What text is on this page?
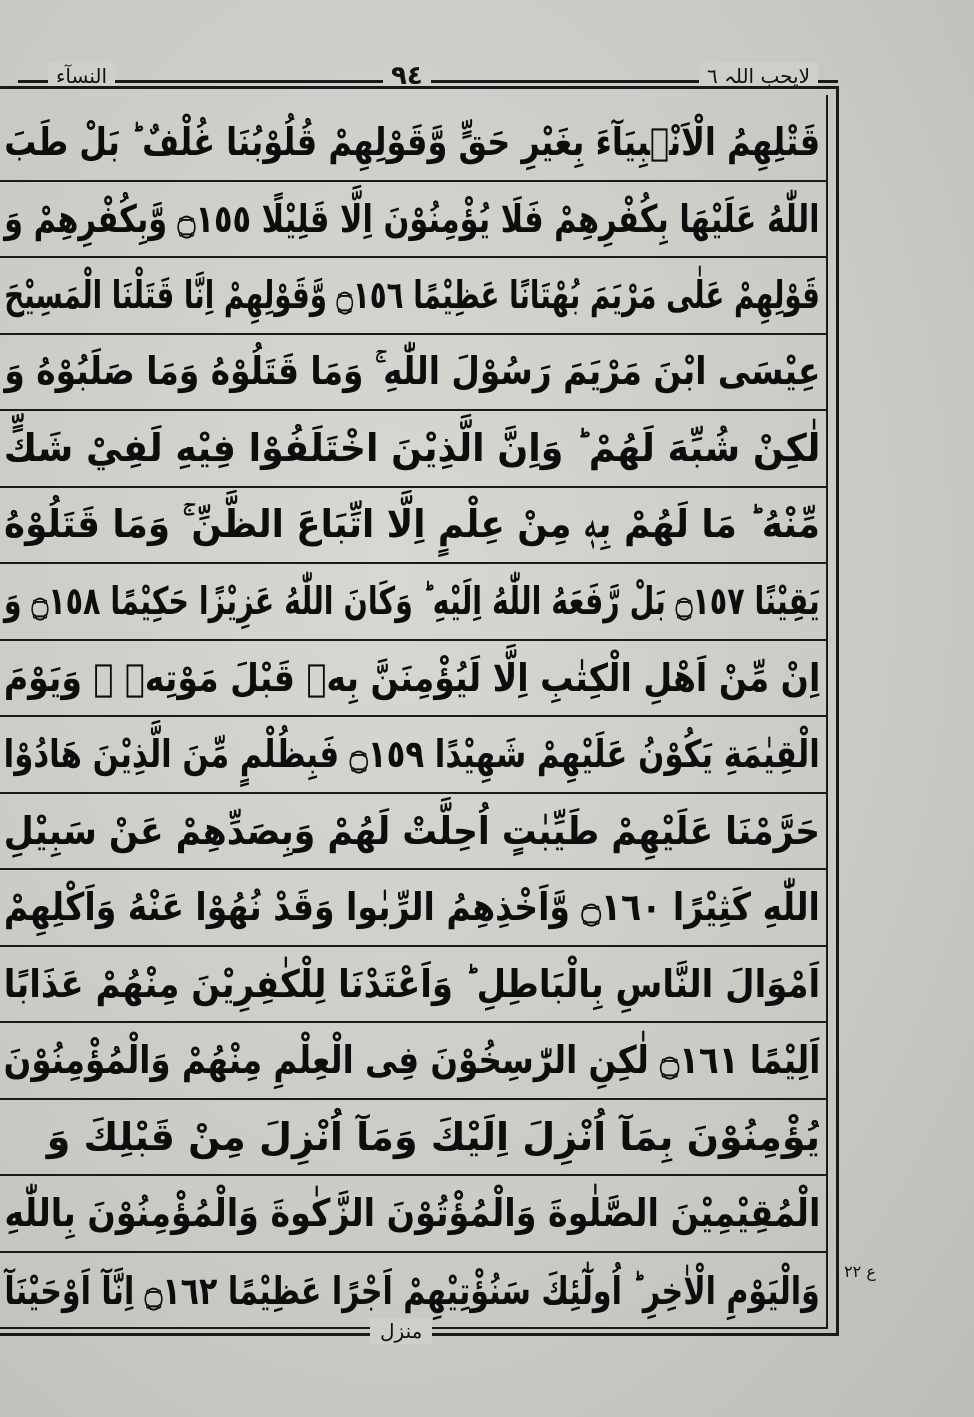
النسآء	٩٤	لایحب اللہ ٦
قَتْلِهِمُ الْاَنْۢبِيَآءَ بِغَيْرِ حَقٍّ وَّقَوْلِهِمْ قُلُوْبُنَا غُلْفٌ ؕ بَلْ طَبَ
اللّٰهُ عَلَيْهَا بِكُفْرِهِمْ فَلَا يُؤْمِنُوْنَ اِلَّا قَلِيْلًا ۝١٥٥ وَّبِكُفْرِهِمْ وَ
قَوْلِهِمْ عَلٰى مَرْيَمَ بُهْتَانًا عَظِيْمًا ۝١٥٦ وَّقَوْلِهِمْ اِنَّا قَتَلْنَا الْمَسِيْحَ
عِيْسَى ابْنَ مَرْيَمَ رَسُوْلَ اللّٰهِ ۚ وَمَا قَتَلُوْهُ وَمَا صَلَبُوْهُ وَ
لٰكِنْ شُبِّهَ لَهُمْ ؕ وَاِنَّ الَّذِيْنَ اخْتَلَفُوْا فِيْهِ لَفِيْ شَكٍّ
مِّنْهُ ؕ مَا لَهُمْ بِهٖ مِنْ عِلْمٍ اِلَّا اتِّبَاعَ الظَّنِّ ۚ وَمَا قَتَلُوْهُ
يَقِيْنًا ۝١٥٧ بَلْ رَّفَعَهُ اللّٰهُ اِلَيْهِ ؕ وَكَانَ اللّٰهُ عَزِيْزًا حَكِيْمًا ۝١٥٨ وَ
اِنْ مِّنْ اَهْلِ الْكِتٰبِ اِلَّا لَيُؤْمِنَنَّ بِهٖ قَبْلَ مَوْتِهٖ ۚ وَيَوْمَ
الْقِيٰمَةِ يَكُوْنُ عَلَيْهِمْ شَهِيْدًا ۝١٥٩ فَبِظُلْمٍ مِّنَ الَّذِيْنَ هَادُوْا
حَرَّمْنَا عَلَيْهِمْ طَيِّبٰتٍ اُحِلَّتْ لَهُمْ وَبِصَدِّهِمْ عَنْ سَبِيْلِ
اللّٰهِ كَثِيْرًا ۝١٦٠ وَّاَخْذِهِمُ الرِّبٰوا وَقَدْ نُهُوْا عَنْهُ وَاَكْلِهِمْ
اَمْوَالَ النَّاسِ بِالْبَاطِلِ ؕ وَاَعْتَدْنَا لِلْكٰفِرِيْنَ مِنْهُمْ عَذَابًا
اَلِيْمًا ۝١٦١ لٰكِنِ الرّٰسِخُوْنَ فِى الْعِلْمِ مِنْهُمْ وَالْمُؤْمِنُوْنَ
يُؤْمِنُوْنَ بِمَآ اُنْزِلَ اِلَيْكَ وَمَآ اُنْزِلَ مِنْ قَبْلِكَ وَ
الْمُقِيْمِيْنَ الصَّلٰوةَ وَالْمُؤْتُوْنَ الزَّكٰوةَ وَالْمُؤْمِنُوْنَ بِاللّٰهِ
وَالْيَوْمِ الْاٰخِرِ ؕ اُولٰٓئِكَ سَنُؤْتِيْهِمْ اَجْرًا عَظِيْمًا ۝١٦٢ اِنَّآ اَوْحَيْنَآ ع ٢٢
منزل
